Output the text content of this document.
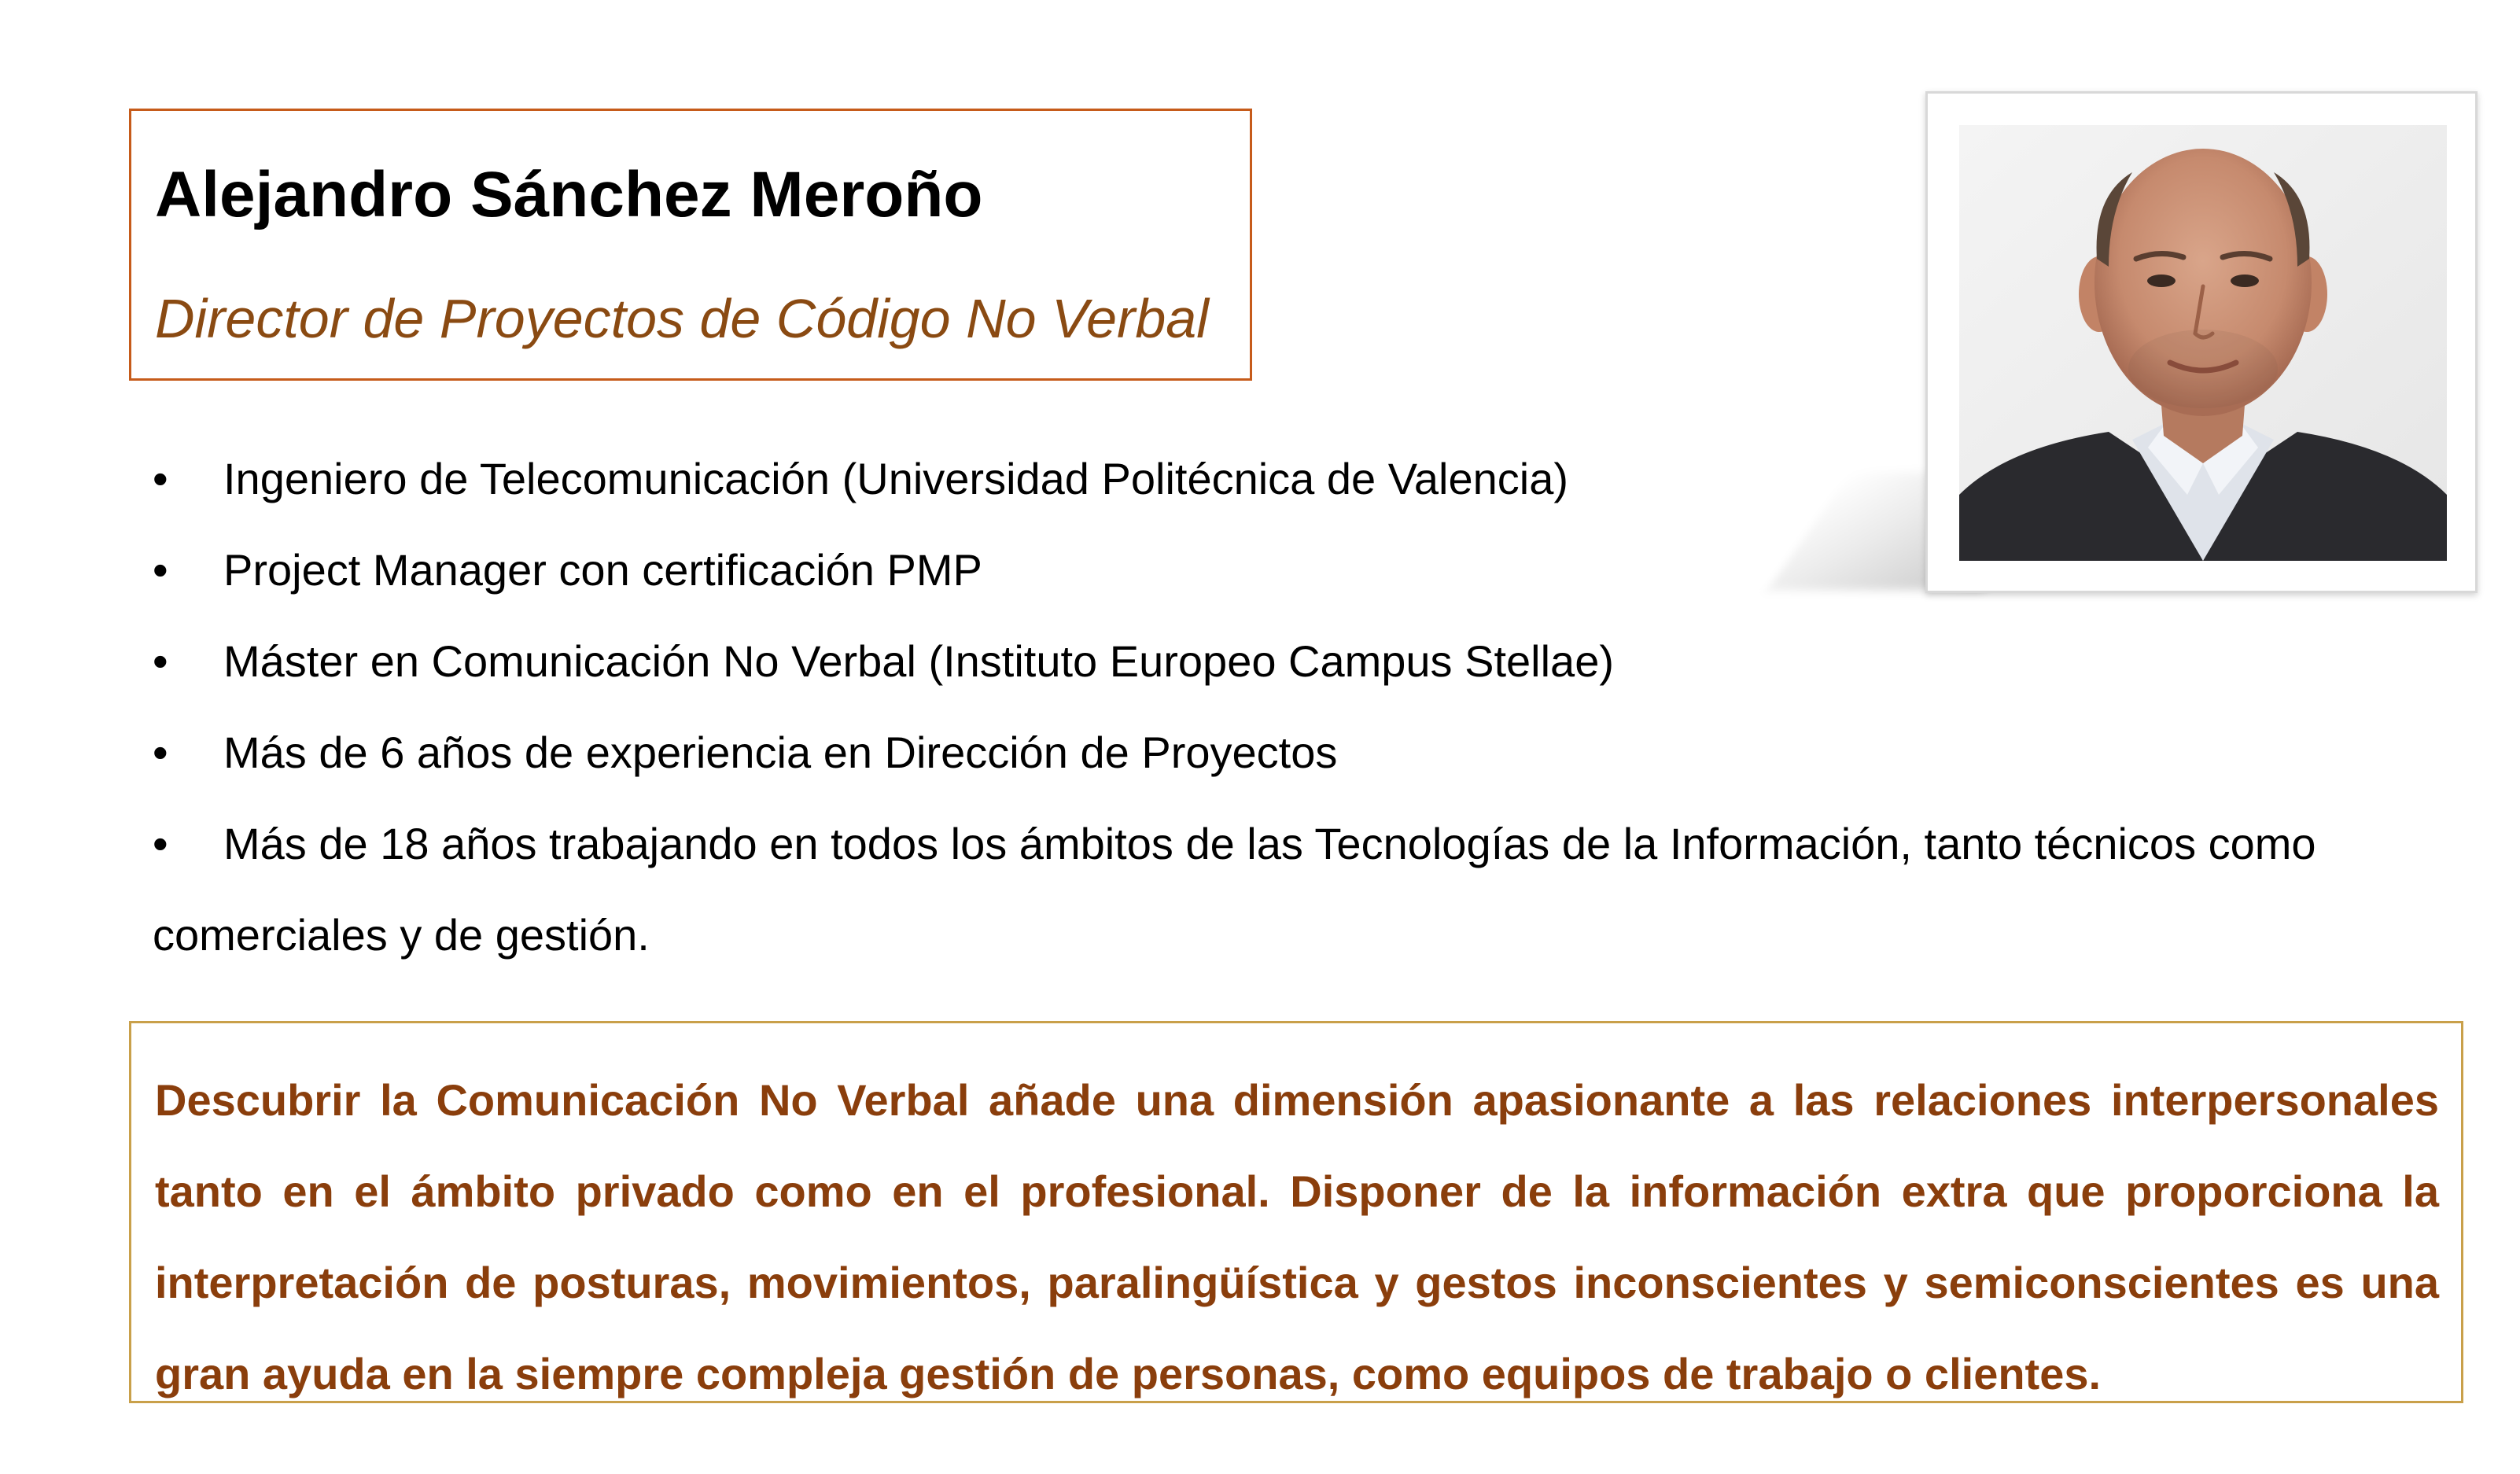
Alejandro Sánchez Meroño
Director de Proyectos de Código No Verbal
• Ingeniero de Telecomunicación (Universidad Politécnica de Valencia)
• Project Manager con certificación PMP
• Máster en Comunicación No Verbal (Instituto Europeo Campus Stellae)
• Más de 6 años de experiencia en Dirección de Proyectos
• Más de 18 años trabajando en todos los ámbitos de las Tecnologías de la Información, tanto técnicos como
comerciales y de gestión.

Descubrir la Comunicación No Verbal añade una dimensión apasionante a las relaciones interpersonales tanto en el ámbito privado como en el profesional. Disponer de la información extra que proporciona la interpretación de posturas, movimientos, paralingüística y gestos inconscientes y semiconscientes es una gran ayuda en la siempre compleja gestión de personas, como equipos de trabajo o clientes.
